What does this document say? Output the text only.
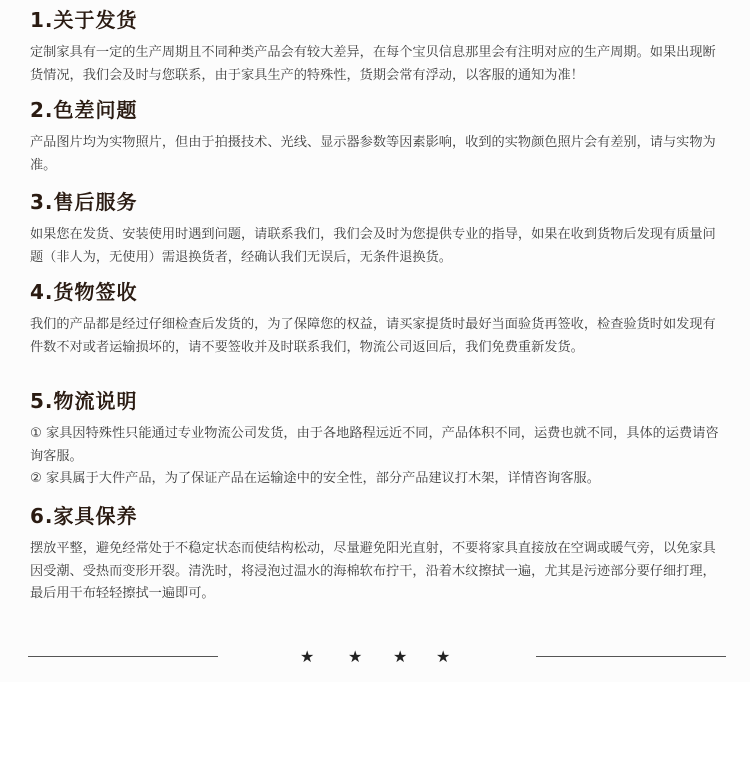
1.关于发货

定制家具有一定的生产周期且不同种类产品会有较大差异，在每个宝贝信息那里会有注明对应的生产周期。如果出现断货情况，我们会及时与您联系，由于家具生产的特殊性，货期会常有浮动，以客服的通知为准！

2.色差问题

产品图片均为实物照片，但由于拍摄技术、光线、显示器参数等因素影响，收到的实物颜色照片会有差别，请与实物为准。

3.售后服务

如果您在发货、安装使用时遇到问题，请联系我们，我们会及时为您提供专业的指导，如果在收到货物后发现有质量问题（非人为，无使用）需退换货者，经确认我们无误后，无条件退换货。

4.货物签收

我们的产品都是经过仔细检查后发货的，为了保障您的权益，请买家提货时最好当面验货再签收，检查验货时如发现有件数不对或者运输损坏的，请不要签收并及时联系我们，物流公司返回后，我们免费重新发货。

5.物流说明

① 家具因特殊性只能通过专业物流公司发货，由于各地路程远近不同，产品体积不同，运费也就不同，具体的运费请咨询客服。

② 家具属于大件产品，为了保证产品在运输途中的安全性，部分产品建议打木架，详情咨询客服。

6.家具保养

摆放平整，避免经常处于不稳定状态而使结构松动，尽量避免阳光直射，不要将家具直接放在空调或暖气旁，以免家具因受潮、受热而变形开裂。清洗时，将浸泡过温水的海棉软布拧干，沿着木纹擦拭一遍，尤其是污迹部分要仔细打理，最后用干布轻轻擦拭一遍即可。

★ ★ ★ ★
